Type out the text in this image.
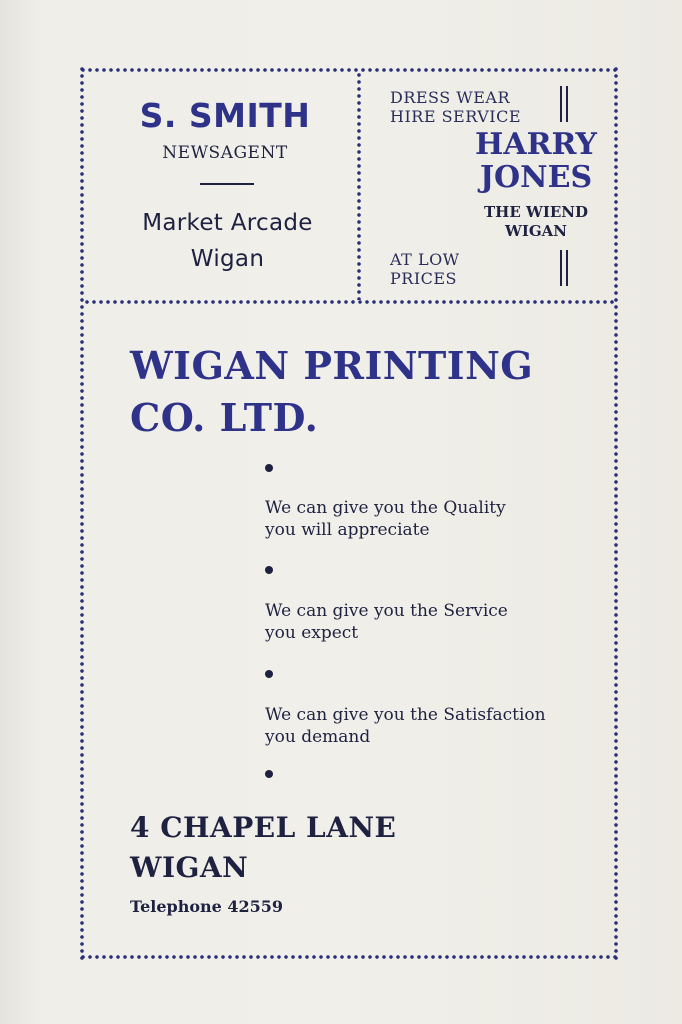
S. SMITH
NEWSAGENT
Market Arcade
Wigan
DRESS WEAR
HIRE SERVICE
HARRY
JONES
THE WIEND
WIGAN
AT LOW
PRICES
WIGAN PRINTING
CO. LTD.
We can give you the Quality
you will appreciate
We can give you the Service
you expect
We can give you the Satisfaction
you demand
4 CHAPEL LANE
WIGAN
Telephone 42559
